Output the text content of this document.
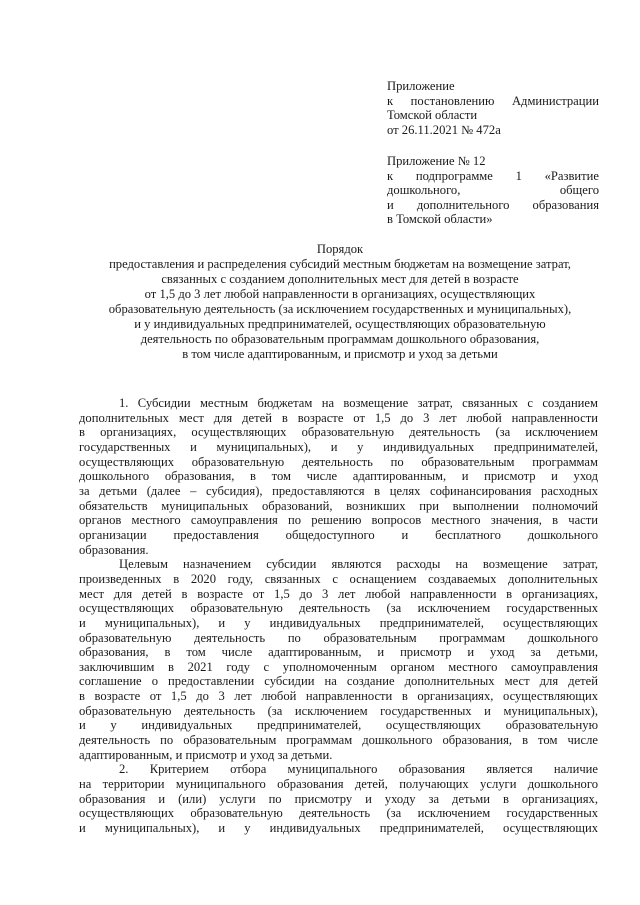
Приложение
к постановлению Администрации
Томской области
от 26.11.2021 № 472а
Приложение № 12
к подпрограмме 1 «Развитие
дошкольного, общего
и дополнительного образования
в Томской области»
Порядок
предоставления и распределения субсидий местным бюджетам на возмещение затрат,
связанных с созданием дополнительных мест для детей в возрасте
от 1,5 до 3 лет любой направленности в организациях, осуществляющих
образовательную деятельность (за исключением государственных и муниципальных),
и у индивидуальных предпринимателей, осуществляющих образовательную
деятельность по образовательным программам дошкольного образования,
в том числе адаптированным, и присмотр и уход за детьми
1. Субсидии местным бюджетам на возмещение затрат, связанных с созданием
дополнительных мест для детей в возрасте от 1,5 до 3 лет любой направленности
в организациях, осуществляющих образовательную деятельность (за исключением
государственных и муниципальных), и у индивидуальных предпринимателей,
осуществляющих образовательную деятельность по образовательным программам
дошкольного образования, в том числе адаптированным, и присмотр и уход
за детьми (далее – субсидия), предоставляются в целях софинансирования расходных
обязательств муниципальных образований, возникших при выполнении полномочий
органов местного самоуправления по решению вопросов местного значения, в части
организации предоставления общедоступного и бесплатного дошкольного
образования.
Целевым назначением субсидии являются расходы на возмещение затрат,
произведенных в 2020 году, связанных с оснащением создаваемых дополнительных
мест для детей в возрасте от 1,5 до 3 лет любой направленности в организациях,
осуществляющих образовательную деятельность (за исключением государственных
и муниципальных), и у индивидуальных предпринимателей, осуществляющих
образовательную деятельность по образовательным программам дошкольного
образования, в том числе адаптированным, и присмотр и уход за детьми,
заключившим в 2021 году с уполномоченным органом местного самоуправления
соглашение о предоставлении субсидии на создание дополнительных мест для детей
в возрасте от 1,5 до 3 лет любой направленности в организациях, осуществляющих
образовательную деятельность (за исключением государственных и муниципальных),
и у индивидуальных предпринимателей, осуществляющих образовательную
деятельность по образовательным программам дошкольного образования, в том числе
адаптированным, и присмотр и уход за детьми.
2. Критерием отбора муниципального образования является наличие
на территории муниципального образования детей, получающих услуги дошкольного
образования и (или) услуги по присмотру и уходу за детьми в организациях,
осуществляющих образовательную деятельность (за исключением государственных
и муниципальных), и у индивидуальных предпринимателей, осуществляющих
